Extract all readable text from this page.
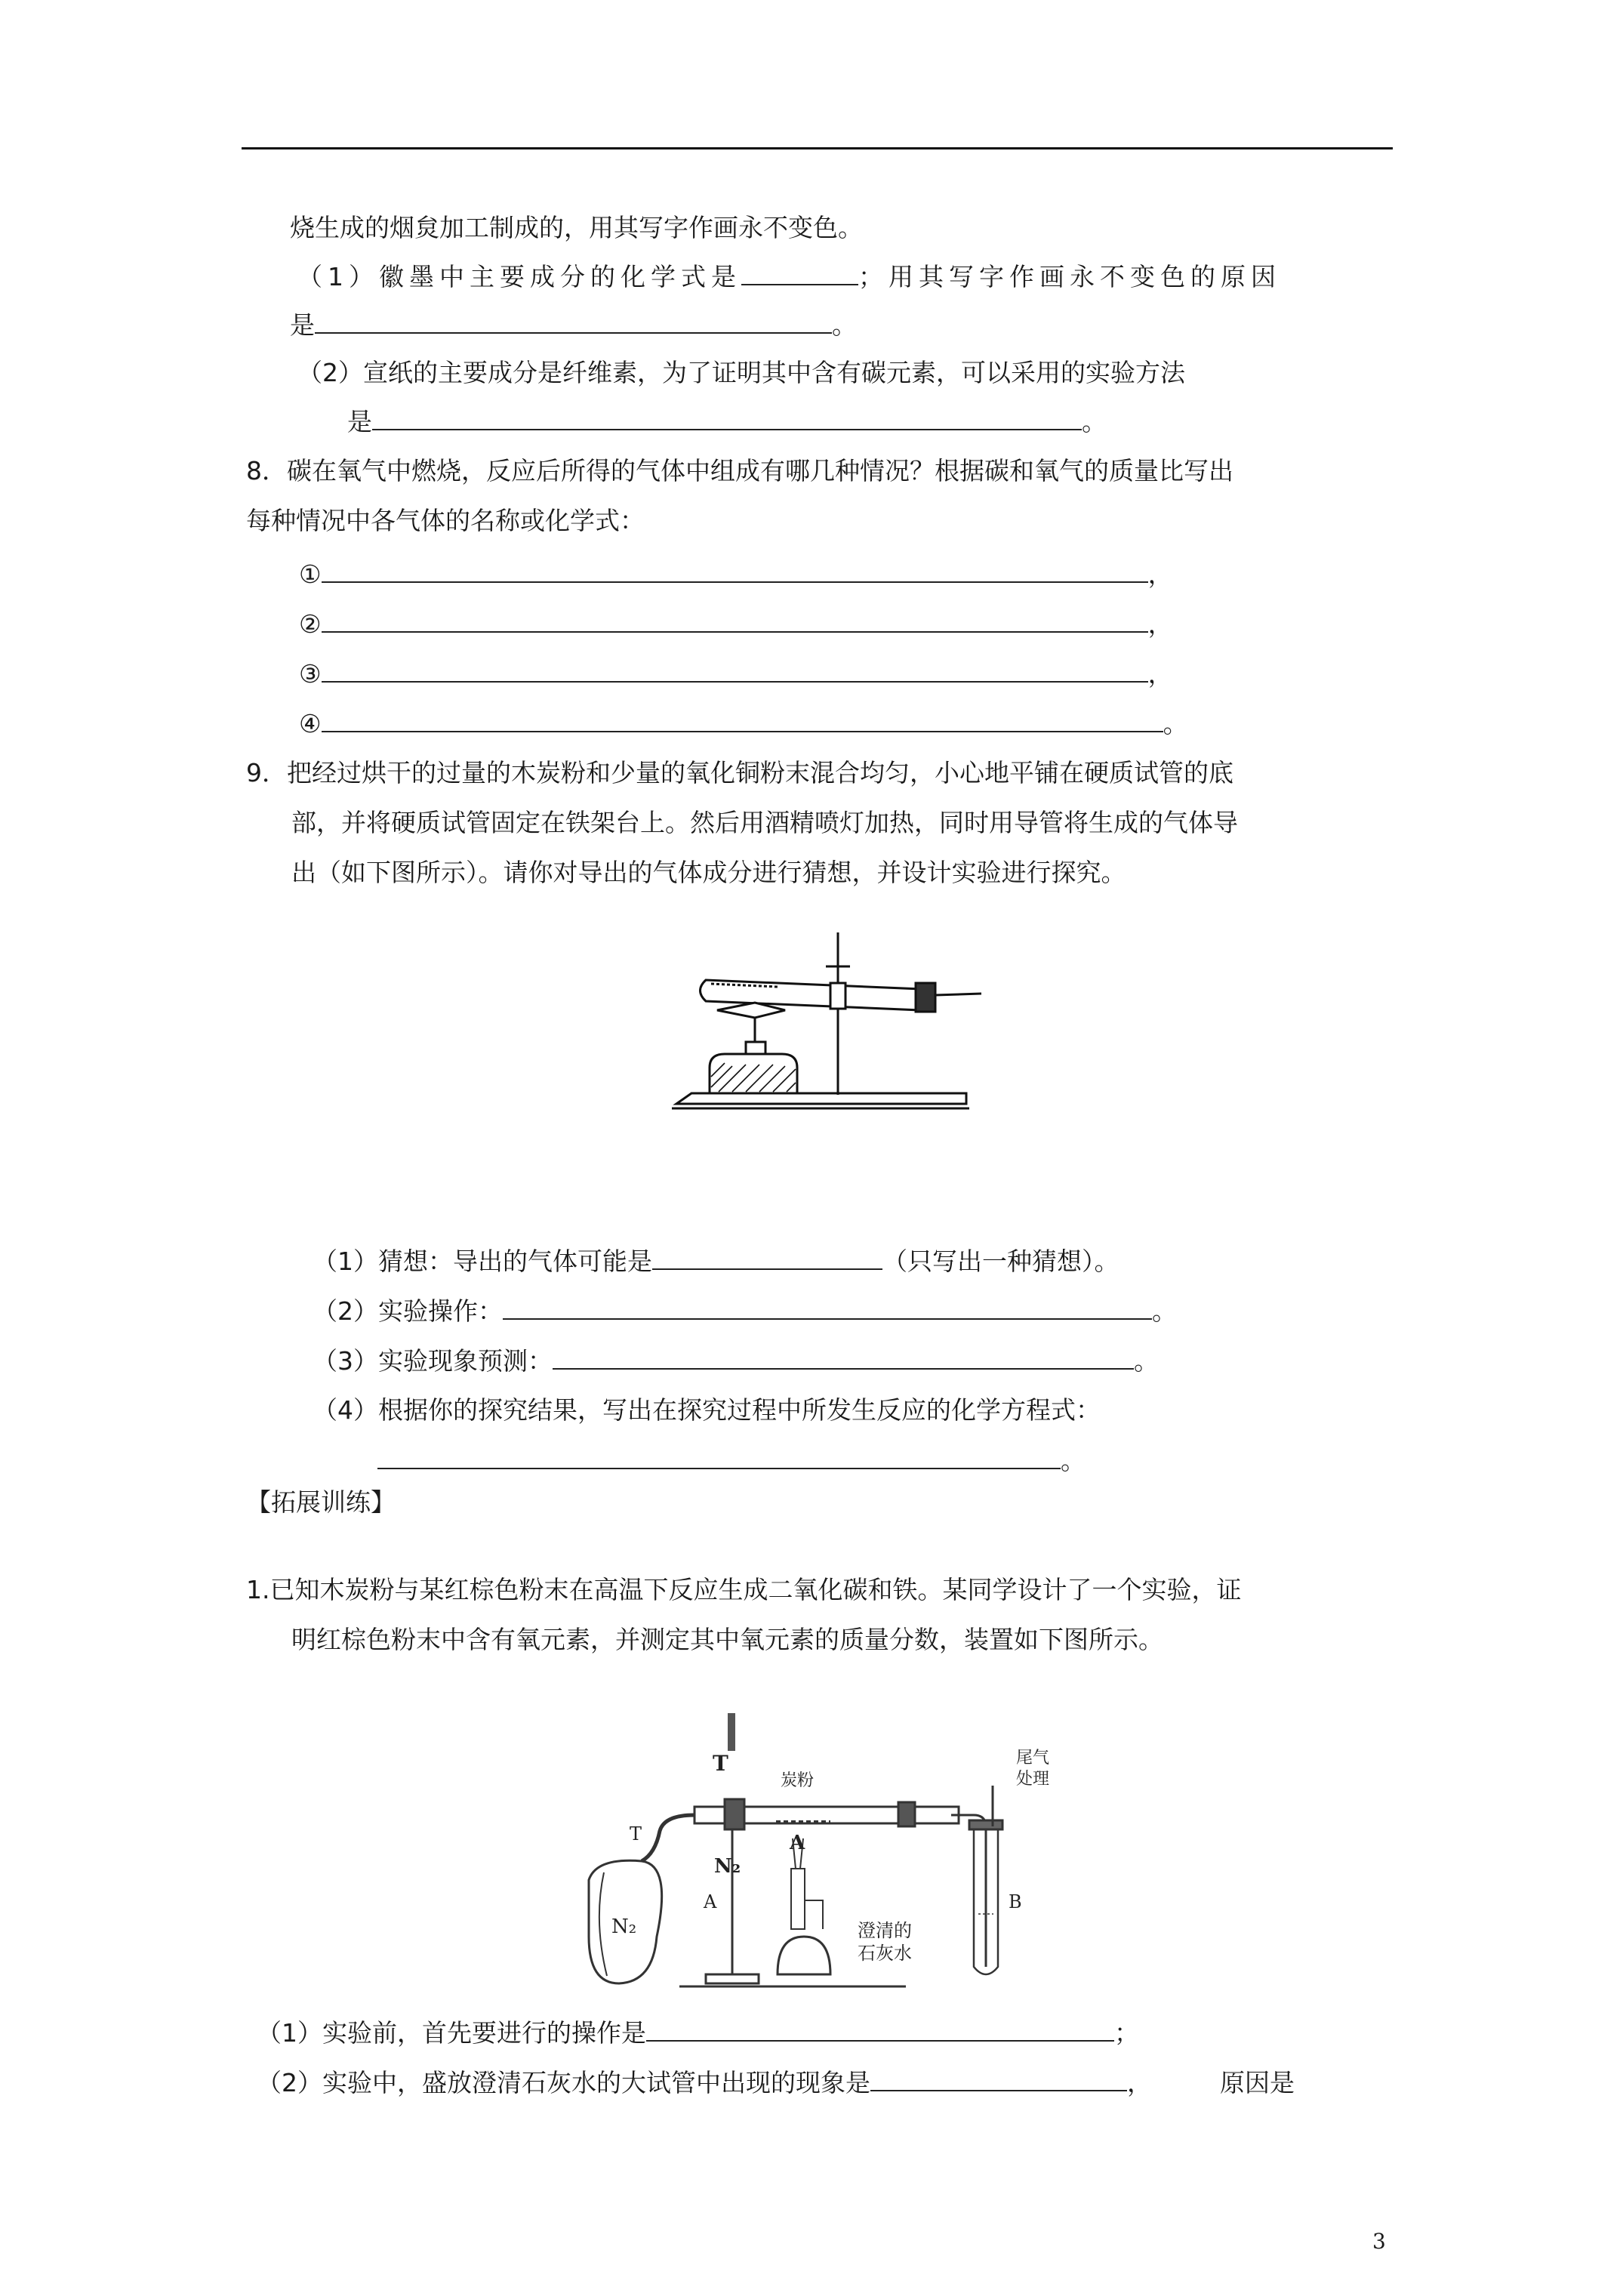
烧生成的烟炱加工制成的，用其写字作画永不变色。
（1）徽墨中主要成分的化学式是	；用其写字作画永不变色的原因
是	。
（2）宣纸的主要成分是纤维素，为了证明其中含有碳元素，可以采用的实验方法
是	。
8．碳在氧气中燃烧，反应后所得的气体中组成有哪几种情况？根据碳和氧气的质量比写出
每种情况中各气体的名称或化学式：
①	，
②	，
③	，
④	。
9．把经过烘干的过量的木炭粉和少量的氧化铜粉末混合均匀，小心地平铺在硬质试管的底
部，并将硬质试管固定在铁架台上。然后用酒精喷灯加热，同时用导管将生成的气体导
出（如下图所示）。请你对导出的气体成分进行猜想，并设计实验进行探究。
（1）猜想：导出的气体可能是	（只写出一种猜想）。
（2）实验操作：	。
（3）实验现象预测：	。
（4）根据你的探究结果，写出在探究过程中所发生反应的化学方程式：
。
【拓展训练】
1.已知木炭粉与某红棕色粉末在高温下反应生成二氧化碳和铁。某同学设计了一个实验，证
明红棕色粉末中含有氧元素，并测定其中氧元素的质量分数，装置如下图所示。
T
炭粉
尾气
处理
T	A
N₂
A	B
澄清的
石灰水
N₂
（1）实验前，首先要进行的操作是	；
（2）实验中，盛放澄清石灰水的大试管中出现的现象是	，	原因是
3
